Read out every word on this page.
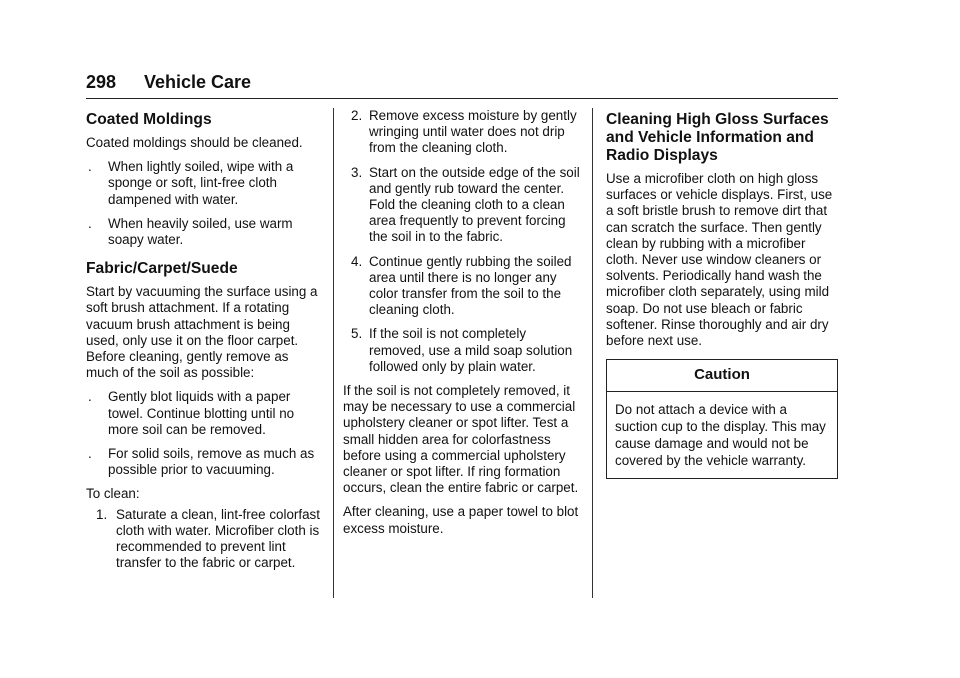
298 Vehicle Care
Coated Moldings

Coated moldings should be cleaned.

. When lightly soiled, wipe with a sponge or soft, lint-free cloth dampened with water.
. When heavily soiled, use warm soapy water.
Fabric/Carpet/Suede

Start by vacuuming the surface using a soft brush attachment. If a rotating vacuum brush attachment is being used, only use it on the floor carpet. Before cleaning, gently remove as much of the soil as possible:

. Gently blot liquids with a paper towel. Continue blotting until no more soil can be removed.
. For solid soils, remove as much as possible prior to vacuuming.

To clean:

1. Saturate a clean, lint-free colorfast cloth with water. Microfiber cloth is recommended to prevent lint transfer to the fabric or carpet.
2. Remove excess moisture by gently wringing until water does not drip from the cleaning cloth.
3. Start on the outside edge of the soil and gently rub toward the center. Fold the cleaning cloth to a clean area frequently to prevent forcing the soil in to the fabric.
4. Continue gently rubbing the soiled area until there is no longer any color transfer from the soil to the cleaning cloth.
5. If the soil is not completely removed, use a mild soap solution followed only by plain water.

If the soil is not completely removed, it may be necessary to use a commercial upholstery cleaner or spot lifter. Test a small hidden area for colorfastness before using a commercial upholstery cleaner or spot lifter. If ring formation occurs, clean the entire fabric or carpet.

After cleaning, use a paper towel to blot excess moisture.

Cleaning High Gloss Surfaces and Vehicle Information and Radio Displays

Use a microfiber cloth on high gloss surfaces or vehicle displays. First, use a soft bristle brush to remove dirt that can scratch the surface. Then gently clean by rubbing with a microfiber cloth. Never use window cleaners or solvents. Periodically hand wash the microfiber cloth separately, using mild soap. Do not use bleach or fabric softener. Rinse thoroughly and air dry before next use.

Caution
Do not attach a device with a suction cup to the display. This may cause damage and would not be covered by the vehicle warranty.
